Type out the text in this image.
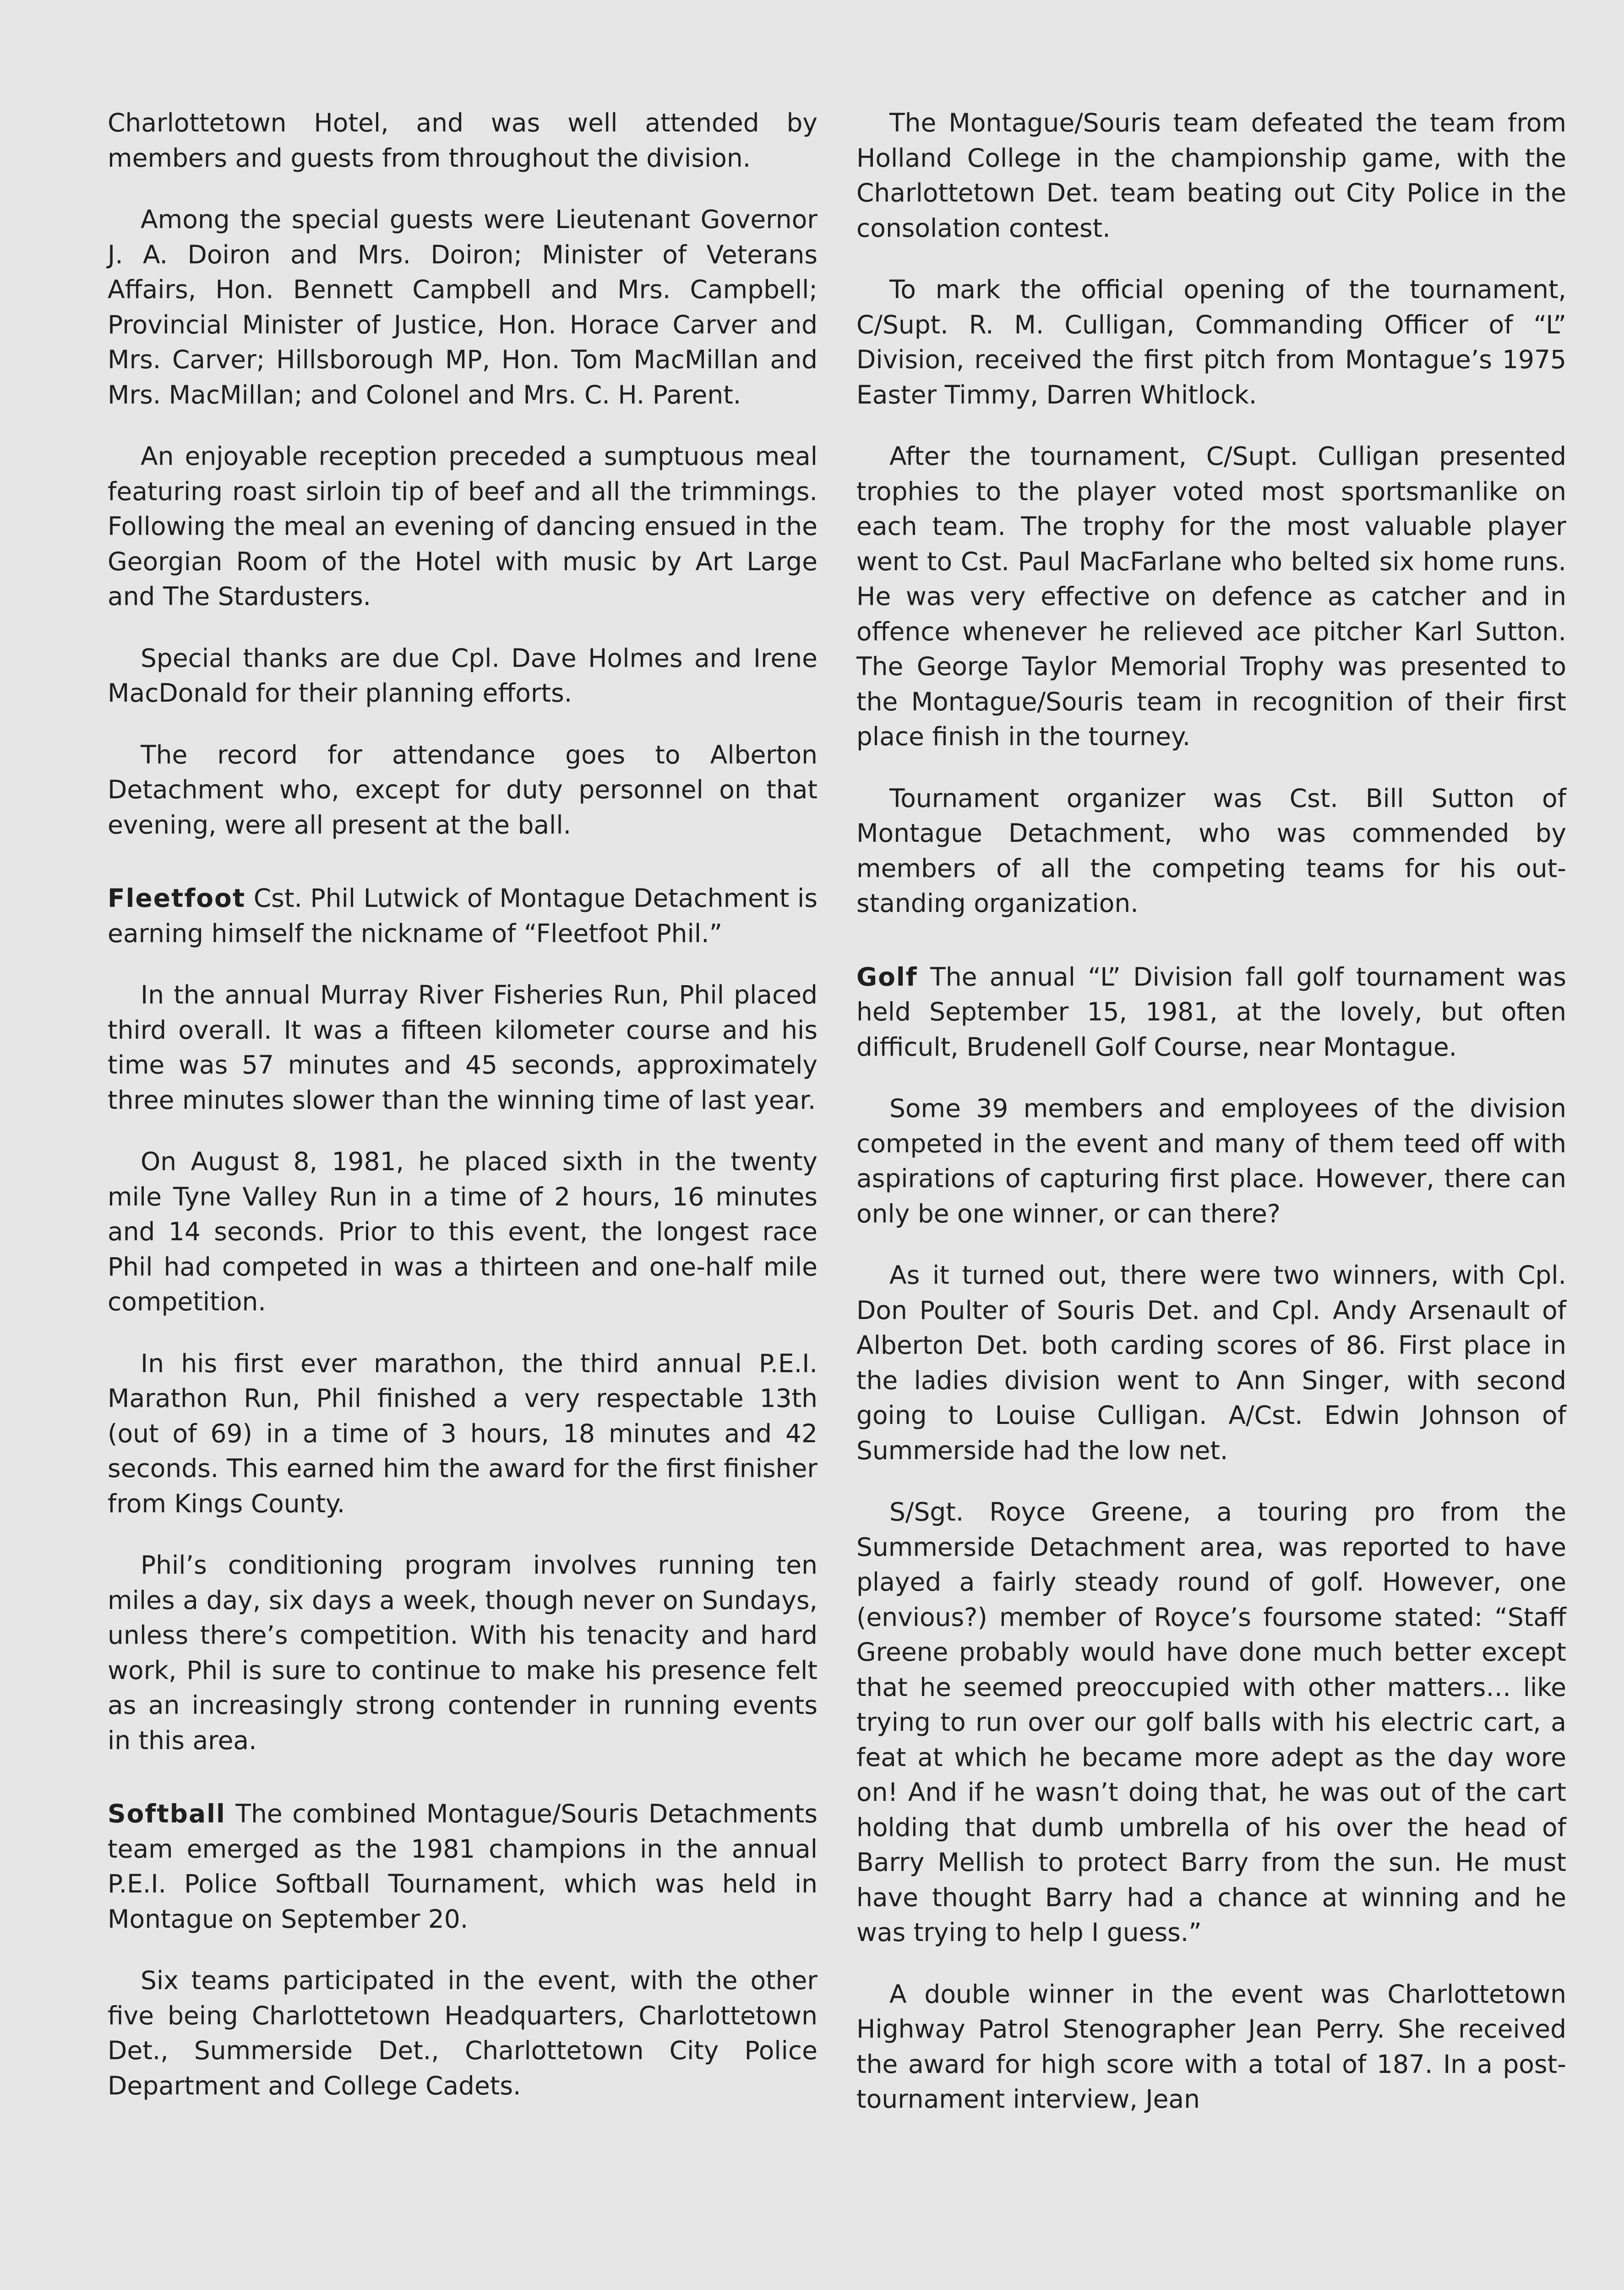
Charlottetown Hotel, and was well attended by members and guests from throughout the division.

Among the special guests were Lieutenant Governor J. A. Doiron and Mrs. Doiron; Minister of Veterans Affairs, Hon. Bennett Campbell and Mrs. Campbell; Provincial Minister of Justice, Hon. Horace Carver and Mrs. Carver; Hillsborough MP, Hon. Tom MacMillan and Mrs. MacMillan; and Colonel and Mrs. C. H. Parent.

An enjoyable reception preceded a sumptuous meal featuring roast sirloin tip of beef and all the trimmings. Following the meal an evening of dancing ensued in the Georgian Room of the Hotel with music by Art Large and The Stardusters.

Special thanks are due Cpl. Dave Holmes and Irene MacDonald for their planning efforts.

The record for attendance goes to Alberton Detachment who, except for duty personnel on that evening, were all present at the ball.

Fleetfoot Cst. Phil Lutwick of Montague Detachment is earning himself the nickname of “Fleetfoot Phil.”

In the annual Murray River Fisheries Run, Phil placed third overall. It was a fifteen kilometer course and his time was 57 minutes and 45 seconds, approximately three minutes slower than the winning time of last year.

On August 8, 1981, he placed sixth in the twenty mile Tyne Valley Run in a time of 2 hours, 16 minutes and 14 seconds. Prior to this event, the longest race Phil had competed in was a thirteen and one-half mile competition.

In his first ever marathon, the third annual P.E.I. Marathon Run, Phil finished a very respectable 13th (out of 69) in a time of 3 hours, 18 minutes and 42 seconds. This earned him the award for the first finisher from Kings County.

Phil’s conditioning program involves running ten miles a day, six days a week, though never on Sundays, unless there’s competition. With his tenacity and hard work, Phil is sure to continue to make his presence felt as an increasingly strong contender in running events in this area.

Softball The combined Montague/Souris Detachments team emerged as the 1981 champions in the annual P.E.I. Police Softball Tournament, which was held in Montague on September 20.

Six teams participated in the event, with the other five being Charlottetown Headquarters, Charlottetown Det., Summerside Det., Charlottetown City Police Department and College Cadets.

The Montague/Souris team defeated the team from Holland College in the championship game, with the Charlottetown Det. team beating out City Police in the consolation contest.

To mark the official opening of the tournament, C/Supt. R. M. Culligan, Commanding Officer of “L” Division, received the first pitch from Montague’s 1975 Easter Timmy, Darren Whitlock.

After the tournament, C/Supt. Culligan presented trophies to the player voted most sportsmanlike on each team. The trophy for the most valuable player went to Cst. Paul MacFarlane who belted six home runs. He was very effective on defence as catcher and in offence whenever he relieved ace pitcher Karl Sutton. The George Taylor Memorial Trophy was presented to the Montague/Souris team in recognition of their first place finish in the tourney.

Tournament organizer was Cst. Bill Sutton of Montague Detachment, who was commended by members of all the competing teams for his outstanding organization.

Golf The annual “L” Division fall golf tournament was held September 15, 1981, at the lovely, but often difficult, Brudenell Golf Course, near Montague.

Some 39 members and employees of the division competed in the event and many of them teed off with aspirations of capturing first place. However, there can only be one winner, or can there?

As it turned out, there were two winners, with Cpl. Don Poulter of Souris Det. and Cpl. Andy Arsenault of Alberton Det. both carding scores of 86. First place in the ladies division went to Ann Singer, with second going to Louise Culligan. A/Cst. Edwin Johnson of Summerside had the low net.

S/Sgt. Royce Greene, a touring pro from the Summerside Detachment area, was reported to have played a fairly steady round of golf. However, one (envious?) member of Royce’s foursome stated: “Staff Greene probably would have done much better except that he seemed preoccupied with other matters… like trying to run over our golf balls with his electric cart, a feat at which he became more adept as the day wore on! And if he wasn’t doing that, he was out of the cart holding that dumb umbrella of his over the head of Barry Mellish to protect Barry from the sun. He must have thought Barry had a chance at winning and he was trying to help I guess.”

A double winner in the event was Charlottetown Highway Patrol Stenographer Jean Perry. She received the award for high score with a total of 187. In a post-tournament interview, Jean
